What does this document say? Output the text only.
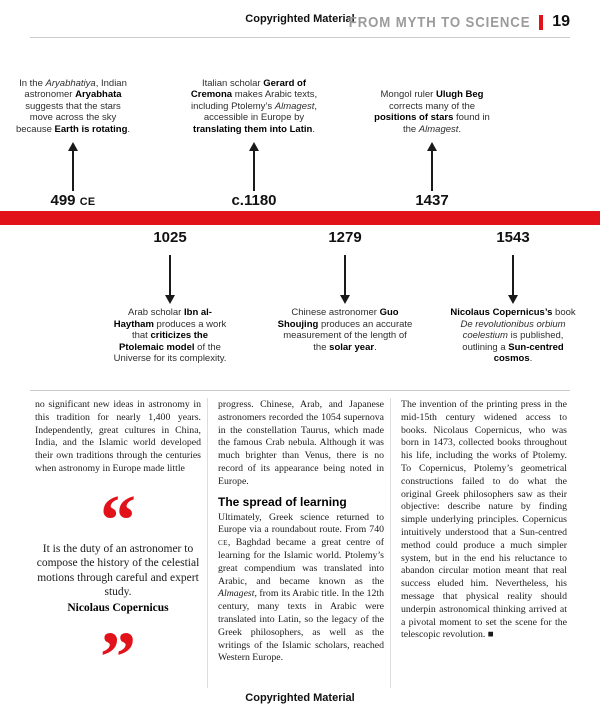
Copyrighted Material
FROM MYTH TO SCIENCE 19
In the Aryabhatiya, Indian astronomer Aryabhata suggests that the stars move across the sky because Earth is rotating.
499 CE
Italian scholar Gerard of Cremona makes Arabic texts, including Ptolemy’s Almagest, accessible in Europe by translating them into Latin.
c.1180
Mongol ruler Ulugh Beg corrects many of the positions of stars found in the Almagest.
1437
1025
Arab scholar Ibn al-Haytham produces a work that criticizes the Ptolemaic model of the Universe for its complexity.
1279
Chinese astronomer Guo Shoujing produces an accurate measurement of the length of the solar year.
1543
Nicolaus Copernicus’s book De revolutionibus orbium coelestium is published, outlining a Sun-centred cosmos.

no significant new ideas in astronomy in this tradition for nearly 1,400 years. Independently, great cultures in China, India, and the Islamic world developed their own traditions through the centuries when astronomy in Europe made little

“
It is the duty of an astronomer to compose the history of the celestial motions through careful and expert study.
Nicolaus Copernicus
”

progress. Chinese, Arab, and Japanese astronomers recorded the 1054 supernova in the constellation Taurus, which made the famous Crab nebula. Although it was much brighter than Venus, there is no record of its appearance being noted in Europe.

The spread of learning

Ultimately, Greek science returned to Europe via a roundabout route. From 740 CE, Baghdad became a great centre of learning for the Islamic world. Ptolemy’s great compendium was translated into Arabic, and became known as the Almagest, from its Arabic title. In the 12th century, many texts in Arabic were translated into Latin, so the legacy of the Greek philosophers, as well as the writings of the Islamic scholars, reached Western Europe.

The invention of the printing press in the mid-15th century widened access to books. Nicolaus Copernicus, who was born in 1473, collected books throughout his life, including the works of Ptolemy. To Copernicus, Ptolemy’s geometrical constructions failed to do what the original Greek philosophers saw as their objective: describe nature by finding simple underlying principles. Copernicus intuitively understood that a Sun-centred method could produce a much simpler system, but in the end his reluctance to abandon circular motion meant that real success eluded him. Nevertheless, his message that physical reality should underpin astronomical thinking arrived at a pivotal moment to set the scene for the telescopic revolution. ■

Copyrighted Material
